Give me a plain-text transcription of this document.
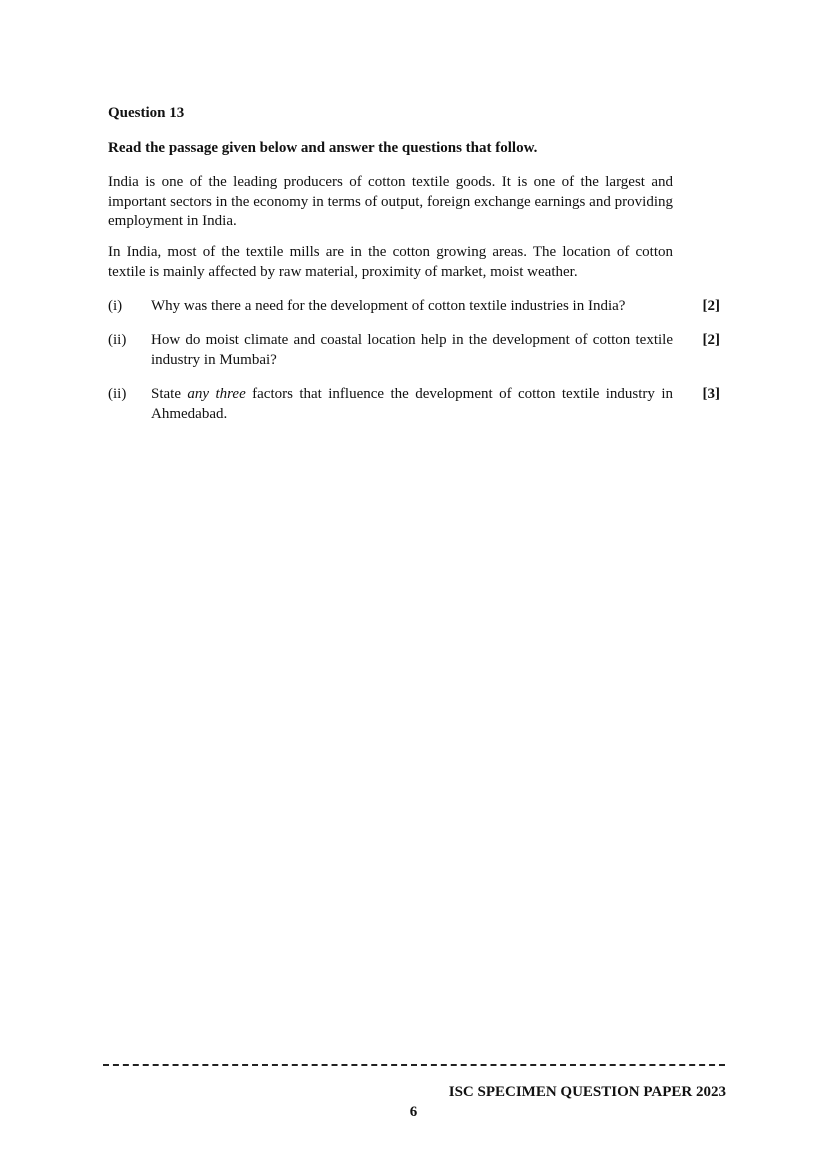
Question 13
Read the passage given below and answer the questions that follow.
India is one of the leading producers of cotton textile goods. It is one of the largest and important sectors in the economy in terms of output, foreign exchange earnings and providing employment in India.
In India, most of the textile mills are in the cotton growing areas. The location of cotton textile is mainly affected by raw material, proximity of market, moist weather.
(i)	Why was there a need for the development of cotton textile industries in India?	[2]
(ii)	How do moist climate and coastal location help in the development of cotton textile industry in Mumbai?
[2]
(ii)	State any three factors that influence the development of cotton textile industry in Ahmedabad.
[3]
ISC SPECIMEN QUESTION PAPER 2023
6
